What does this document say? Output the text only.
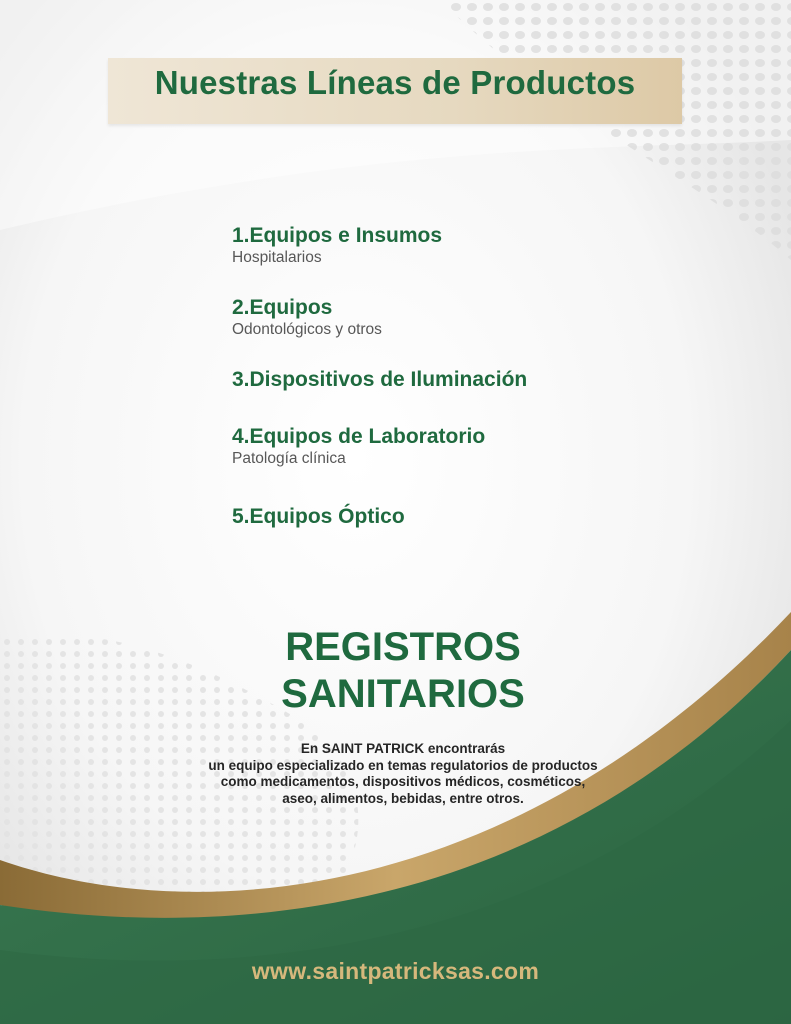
Nuestras Líneas de Productos
1.Equipos e Insumos
Hospitalarios
2.Equipos
Odontológicos y otros
3.Dispositivos de Iluminación
4.Equipos de Laboratorio
Patología clínica
5.Equipos Óptico
REGISTROS
SANITARIOS
En SAINT PATRICK encontrarás
un equipo especializado en temas regulatorios de productos
como medicamentos, dispositivos médicos, cosméticos,
aseo, alimentos, bebidas, entre otros.
www.saintpatricksas.com
